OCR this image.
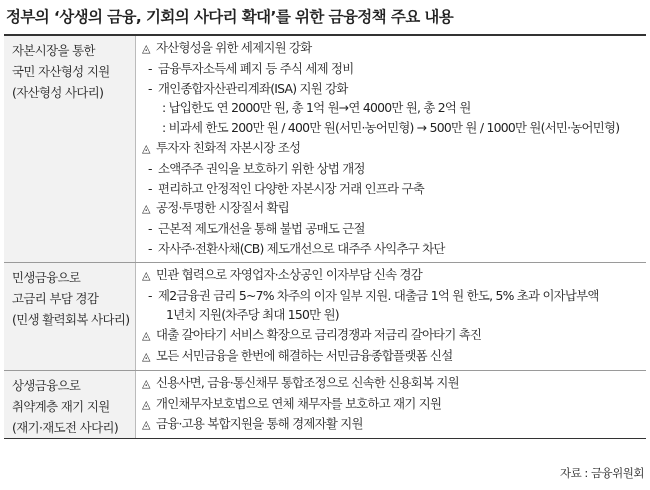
정부의 ‘상생의 금융, 기회의 사다리 확대’를 위한 금융정책 주요 내용
자본시장을 통한
국민 자산형성 지원
(자산형성 사다리)
◬ 자산형성을 위한 세제지원 강화
- 금융투자소득세 폐지 등 주식 세제 정비
- 개인종합자산관리계좌(ISA) 지원 강화
: 납입한도 연 2000만 원, 총 1억 원→연 4000만 원, 총 2억 원
: 비과세 한도 200만 원 / 400만 원(서민·농어민형) → 500만 원 / 1000만 원(서민·농어민형)
◬ 투자자 친화적 자본시장 조성
- 소액주주 권익을 보호하기 위한 상법 개정
- 편리하고 안정적인 다양한 자본시장 거래 인프라 구축
◬ 공정·투명한 시장질서 확립
- 근본적 제도개선을 통해 불법 공매도 근절
- 자사주·전환사채(CB) 제도개선으로 대주주 사익추구 차단
민생금융으로
고금리 부담 경감
(민생 활력회복 사다리)
◬ 민관 협력으로 자영업자·소상공인 이자부담 신속 경감
- 제2금융권 금리 5~7% 차주의 이자 일부 지원. 대출금 1억 원 한도, 5% 초과 이자납부액
1년치 지원(차주당 최대 150만 원)
◬ 대출 갈아타기 서비스 확장으로 금리경쟁과 저금리 갈아타기 촉진
◬ 모든 서민금융을 한번에 해결하는 서민금융종합플랫폼 신설
상생금융으로
취약계층 재기 지원
(재기·재도전 사다리)
◬ 신용사면, 금융·통신채무 통합조정으로 신속한 신용회복 지원
◬ 개인채무자보호법으로 연체 채무자를 보호하고 재기 지원
◬ 금융·고용 복합지원을 통해 경제자활 지원
자료 : 금융위원회
